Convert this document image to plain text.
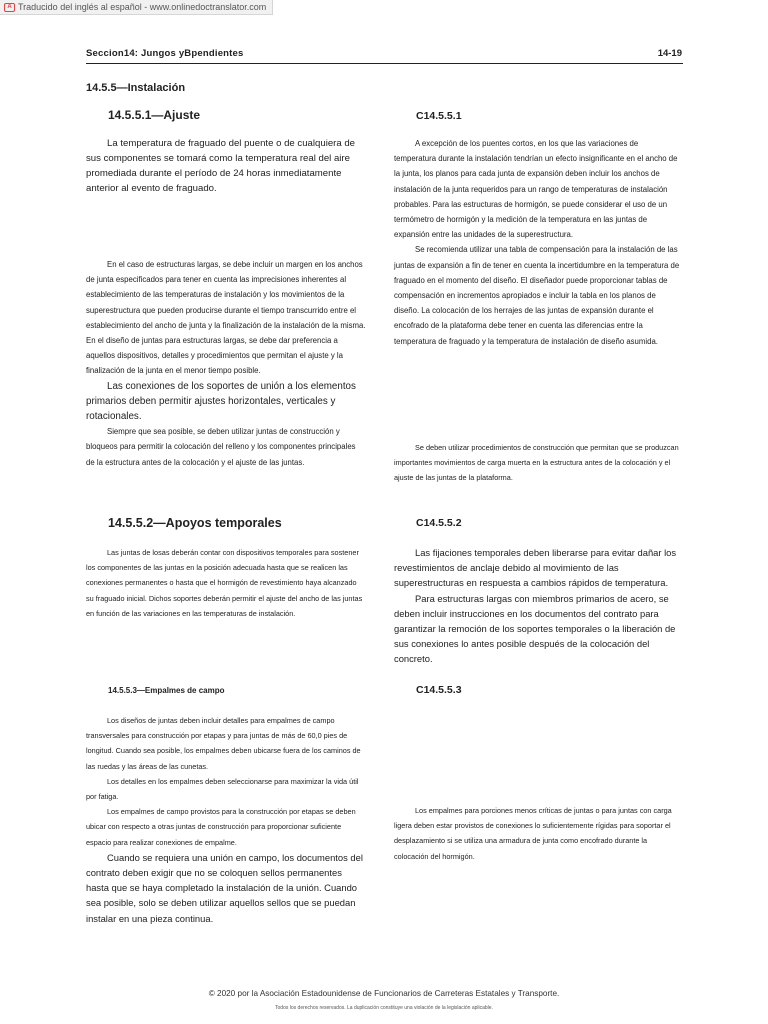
A Traducido del inglés al español - www.onlinedoctranslator.com
Seccion14: Jungos yBpendientes	14-19
14.5.5—Instalación
14.5.5.1—Ajuste

La temperatura de fraguado del puente o de cualquiera de sus componentes se tomará como la temperatura real del aire promediada durante el período de 24 horas inmediatamente anterior al evento de fraguado.

En el caso de estructuras largas, se debe incluir un margen en los anchos de junta especificados para tener en cuenta las imprecisiones inherentes al establecimiento de las temperaturas de instalación y los movimientos de la superestructura que pueden producirse durante el tiempo transcurrido entre el establecimiento del ancho de junta y la finalización de la instalación de la misma. En el diseño de juntas para estructuras largas, se debe dar preferencia a aquellos dispositivos, detalles y procedimientos que permitan el ajuste y la finalización de la junta en el menor tiempo posible.

Las conexiones de los soportes de unión a los elementos primarios deben permitir ajustes horizontales, verticales y rotacionales.

Siempre que sea posible, se deben utilizar juntas de construcción y bloqueos para permitir la colocación del relleno y los componentes principales de la estructura antes de la colocación y el ajuste de las juntas.

14.5.5.2—Apoyos temporales

Las juntas de losas deberán contar con dispositivos temporales para sostener los componentes de las juntas en la posición adecuada hasta que se realicen las conexiones permanentes o hasta que el hormigón de revestimiento haya alcanzado su fraguado inicial. Dichos soportes deberán permitir el ajuste del ancho de las juntas en función de las variaciones en las temperaturas de instalación.

14.5.5.3—Empalmes de campo

Los diseños de juntas deben incluir detalles para empalmes de campo transversales para construcción por etapas y para juntas de más de 60,0 pies de longitud. Cuando sea posible, los empalmes deben ubicarse fuera de los caminos de las ruedas y las áreas de las cunetas.

Los detalles en los empalmes deben seleccionarse para maximizar la vida útil por fatiga.

Los empalmes de campo provistos para la construcción por etapas se deben ubicar con respecto a otras juntas de construcción para proporcionar suficiente espacio para realizar conexiones de empalme.

Cuando se requiera una unión en campo, los documentos del contrato deben exigir que no se coloquen sellos permanentes hasta que se haya completado la instalación de la unión. Cuando sea posible, solo se deben utilizar aquellos sellos que se puedan instalar en una pieza continua.

C14.5.5.1

A excepción de los puentes cortos, en los que las variaciones de temperatura durante la instalación tendrían un efecto insignificante en el ancho de la junta, los planos para cada junta de expansión deben incluir los anchos de instalación de la junta requeridos para un rango de temperaturas de instalación probables. Para las estructuras de hormigón, se puede considerar el uso de un termómetro de hormigón y la medición de la temperatura en las juntas de expansión entre las unidades de la superestructura.

Se recomienda utilizar una tabla de compensación para la instalación de las juntas de expansión a fin de tener en cuenta la incertidumbre en la temperatura de fraguado en el momento del diseño. El diseñador puede proporcionar tablas de compensación en incrementos apropiados e incluir la tabla en los planos de diseño. La colocación de los herrajes de las juntas de expansión durante el encofrado de la plataforma debe tener en cuenta las diferencias entre la temperatura de fraguado y la temperatura de instalación de diseño asumida.

Se deben utilizar procedimientos de construcción que permitan que se produzcan importantes movimientos de carga muerta en la estructura antes de la colocación y el ajuste de las juntas de la plataforma.

C14.5.5.2

Las fijaciones temporales deben liberarse para evitar dañar los revestimientos de anclaje debido al movimiento de las superestructuras en respuesta a cambios rápidos de temperatura.

Para estructuras largas con miembros primarios de acero, se deben incluir instrucciones en los documentos del contrato para garantizar la remoción de los soportes temporales o la liberación de sus conexiones lo antes posible después de la colocación del concreto.

C14.5.5.3

Los empalmes para porciones menos críticas de juntas o para juntas con carga ligera deben estar provistos de conexiones lo suficientemente rígidas para soportar el desplazamiento si se utiliza una armadura de junta como encofrado durante la colocación del hormigón.

© 2020 por la Asociación Estadounidense de Funcionarios de Carreteras Estatales y Transporte.
Todos los derechos reservados. La duplicación constituye una violación de la legislación aplicable.
